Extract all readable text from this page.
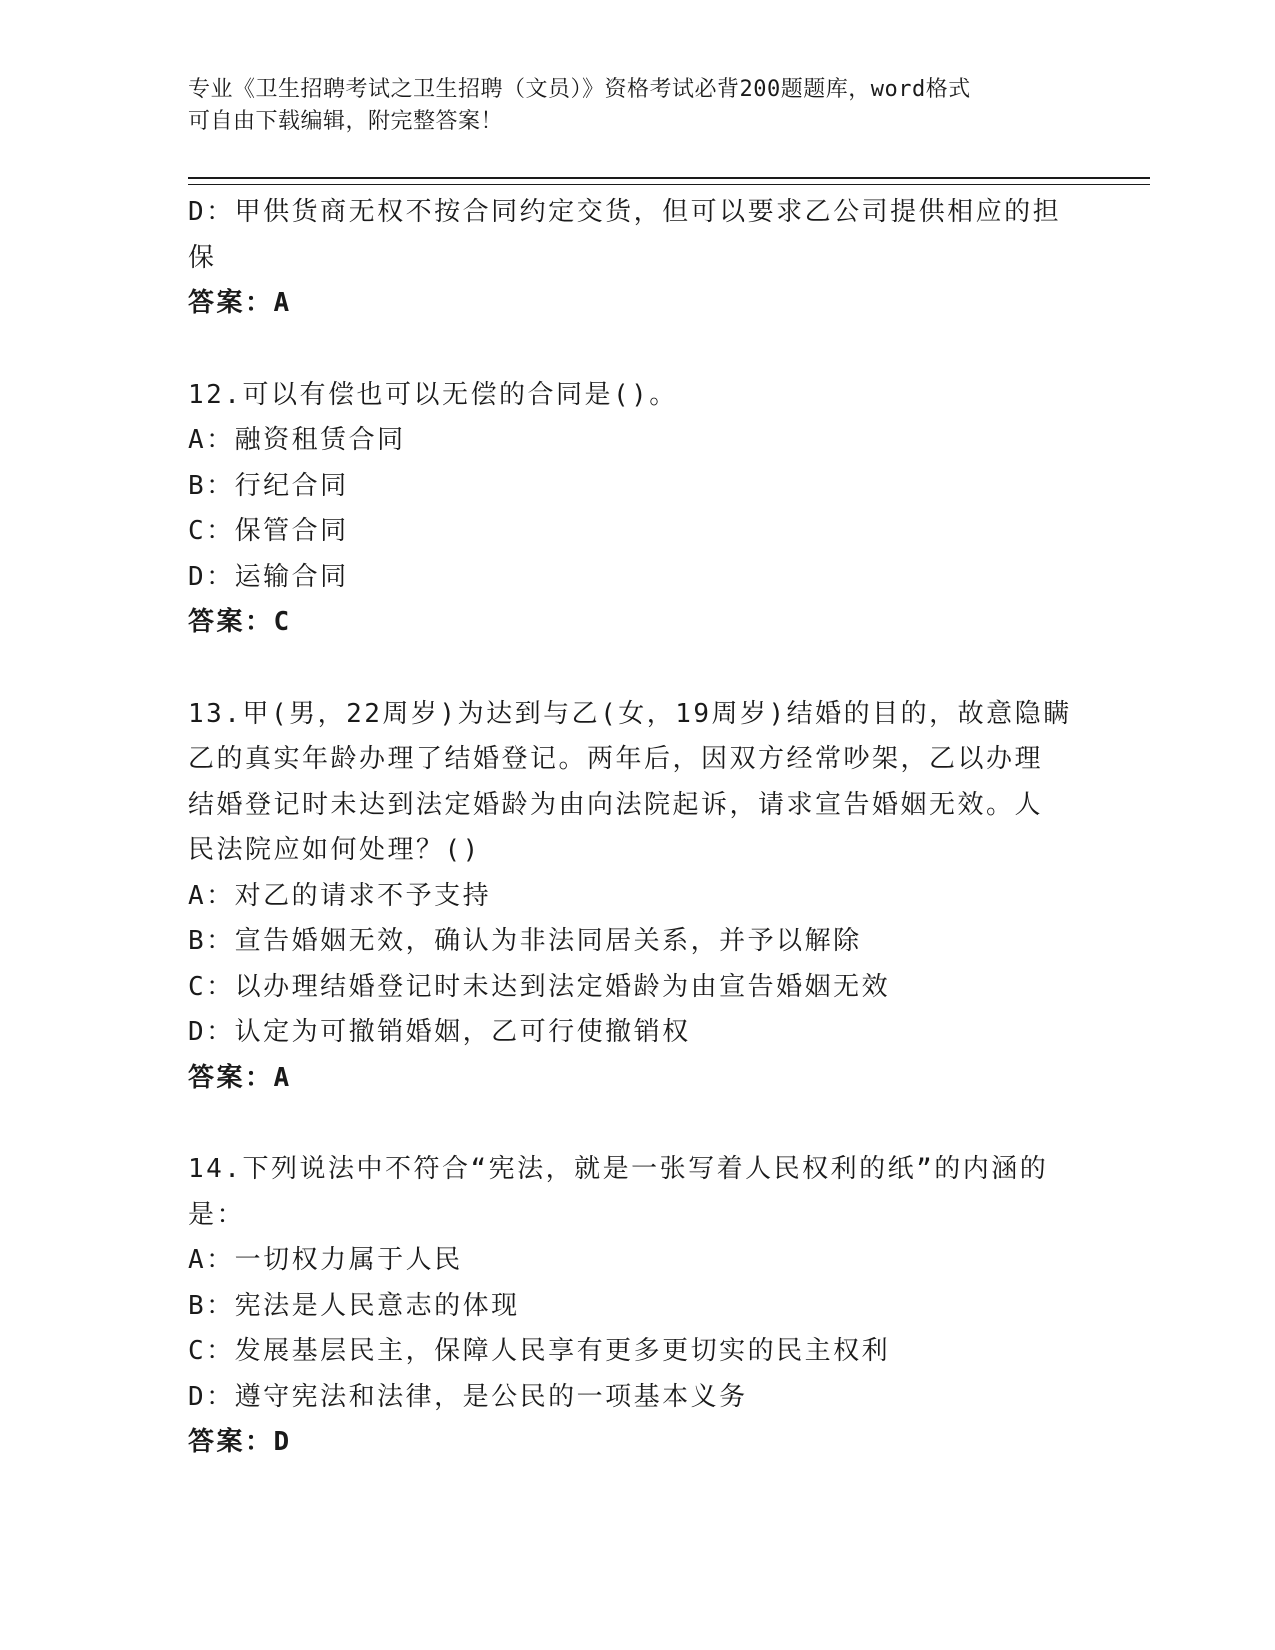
专业《卫生招聘考试之卫生招聘（文员）》资格考试必背200题题库，word格式
可自由下载编辑，附完整答案！
D：甲供货商无权不按合同约定交货，但可以要求乙公司提供相应的担
保
答案：A
12.可以有偿也可以无偿的合同是()。
A：融资租赁合同
B：行纪合同
C：保管合同
D：运输合同
答案：C
13.甲(男，22周岁)为达到与乙(女，19周岁)结婚的目的，故意隐瞒
乙的真实年龄办理了结婚登记。两年后，因双方经常吵架，乙以办理
结婚登记时未达到法定婚龄为由向法院起诉，请求宣告婚姻无效。人
民法院应如何处理？()
A：对乙的请求不予支持
B：宣告婚姻无效，确认为非法同居关系，并予以解除
C：以办理结婚登记时未达到法定婚龄为由宣告婚姻无效
D：认定为可撤销婚姻，乙可行使撤销权
答案：A
14.下列说法中不符合“宪法，就是一张写着人民权利的纸”的内涵的
是：
A：一切权力属于人民
B：宪法是人民意志的体现
C：发展基层民主，保障人民享有更多更切实的民主权利
D：遵守宪法和法律，是公民的一项基本义务
答案：D
